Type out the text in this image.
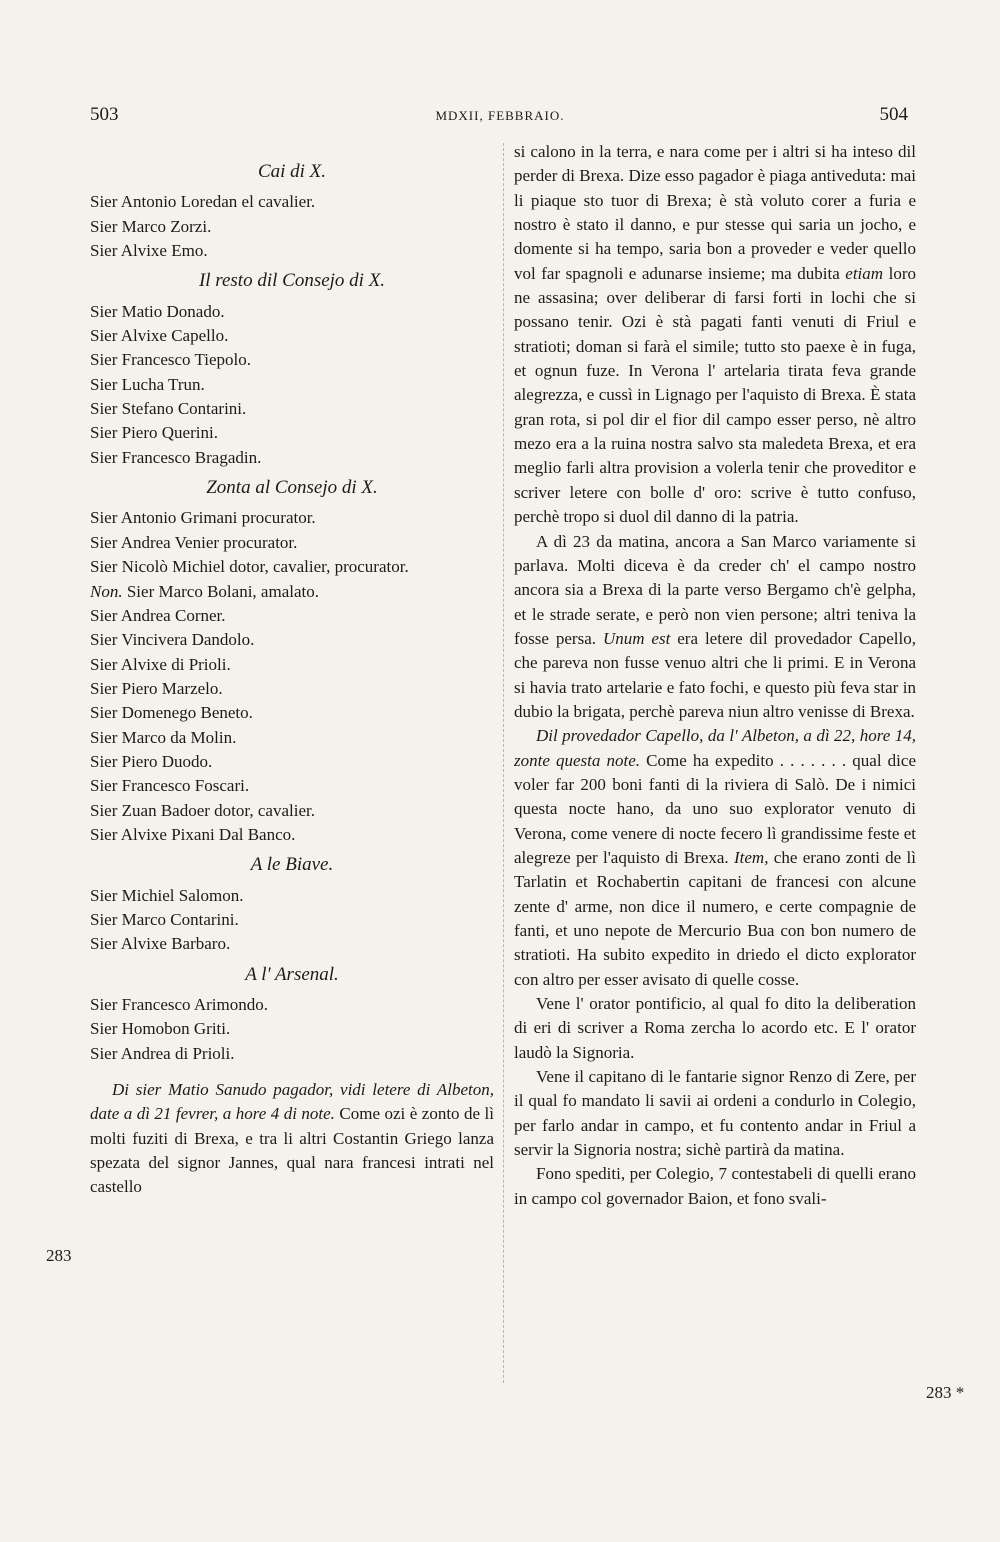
503	MDXII, FEBBRAIO.	504
283
283 *
Cai di X.
Sier Antonio Loredan el cavalier.
Sier Marco Zorzi.
Sier Alvixe Emo.
Il resto dil Consejo di X.
Sier Matio Donado.
Sier Alvixe Capello.
Sier Francesco Tiepolo.
Sier Lucha Trun.
Sier Stefano Contarini.
Sier Piero Querini.
Sier Francesco Bragadin.
Zonta al Consejo di X.
Sier Antonio Grimani procurator.
Sier Andrea Venier procurator.
Sier Nicolò Michiel dotor, cavalier, procurator.
Non. Sier Marco Bolani, amalato.
Sier Andrea Corner.
Sier Vincivera Dandolo.
Sier Alvixe di Prioli.
Sier Piero Marzelo.
Sier Domenego Beneto.
Sier Marco da Molin.
Sier Piero Duodo.
Sier Francesco Foscari.
Sier Zuan Badoer dotor, cavalier.
Sier Alvixe Pixani Dal Banco.
A le Biave.
Sier Michiel Salomon.
Sier Marco Contarini.
Sier Alvixe Barbaro.
A l' Arsenal.
Sier Francesco Arimondo.
Sier Homobon Griti.
Sier Andrea di Prioli.
Di sier Matio Sanudo pagador, vidi letere di Albeton, date a dì 21 fevrer, a hore 4 di note. Come ozi è zonto de lì molti fuziti di Brexa, e tra li altri Costantin Griego lanza spezata del signor Jannes, qual nara francesi intrati nel castello
si calono in la terra, e nara come per i altri si ha inteso dil perder di Brexa. Dize esso pagador è piaga antiveduta: mai li piaque sto tuor di Brexa; è stà voluto corer a furia e nostro è stato il danno, e pur stesse qui saria un jocho, e domente si ha tempo, saria bon a proveder e veder quello vol far spagnoli e adunarse insieme; ma dubita etiam loro ne assasina; over deliberar di farsi forti in lochi che si possano tenir. Ozi è stà pagati fanti venuti di Friul e stratioti; doman si farà el simile; tutto sto paexe è in fuga, et ognun fuze. In Verona l' artelaria tirata feva grande alegrezza, e cussì in Lignago per l'aquisto di Brexa. È stata gran rota, si pol dir el fior dil campo esser perso, nè altro mezo era a la ruina nostra salvo sta maledeta Brexa, et era meglio farli altra provision a volerla tenir che proveditor e scriver letere con bolle d' oro: scrive è tutto confuso, perchè tropo si duol dil danno di la patria.
A dì 23 da matina, ancora a San Marco variamente si parlava. Molti diceva è da creder ch' el campo nostro ancora sia a Brexa di la parte verso Bergamo ch'è gelpha, et le strade serate, e però non vien persone; altri teniva la fosse persa. Unum est era letere dil provedador Capello, che pareva non fusse venuo altri che li primi. E in Verona si havia trato artelarie e fato fochi, e questo più feva star in dubio la brigata, perchè pareva niun altro venisse di Brexa.
Dil provedador Capello, da l' Albeton, a dì 22, hore 14, zonte questa note. Come ha expedito . . . . . . . qual dice voler far 200 boni fanti di la riviera di Salò. De i nimici questa nocte hano, da uno suo explorator venuto di Verona, come venere di nocte fecero lì grandissime feste et alegreze per l'aquisto di Brexa. Item, che erano zonti de lì Tarlatin et Rochabertin capitani de francesi con alcune zente d' arme, non dice il numero, e certe compagnie de fanti, et uno nepote de Mercurio Bua con bon numero de stratioti. Ha subito expedito in driedo el dicto explorator con altro per esser avisato di quelle cosse.
Vene l' orator pontificio, al qual fo dito la deliberation di eri di scriver a Roma zercha lo acordo etc. E l' orator laudò la Signoria.
Vene il capitano di le fantarie signor Renzo di Zere, per il qual fo mandato li savii ai ordeni a condurlo in Colegio, per farlo andar in campo, et fu contento andar in Friul a servir la Signoria nostra; sichè partirà da matina.
Fono spediti, per Colegio, 7 contestabeli di quelli erano in campo col governador Baion, et fono svali-
